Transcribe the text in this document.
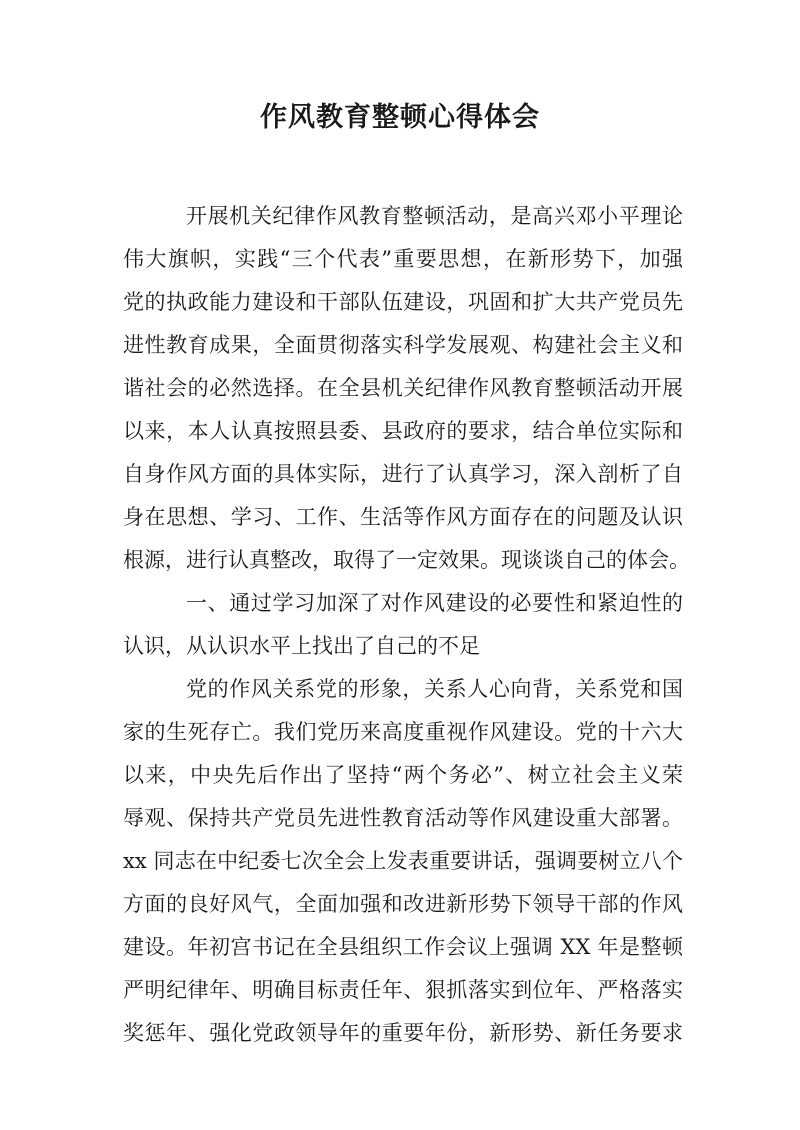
作风教育整顿心得体会
开展机关纪律作风教育整顿活动，是高兴邓小平理论
伟大旗帜，实践“三个代表”重要思想，在新形势下，加强
党的执政能力建设和干部队伍建设，巩固和扩大共产党员先
进性教育成果，全面贯彻落实科学发展观、构建社会主义和
谐社会的必然选择。在全县机关纪律作风教育整顿活动开展
以来，本人认真按照县委、县政府的要求，结合单位实际和
自身作风方面的具体实际，进行了认真学习，深入剖析了自
身在思想、学习、工作、生活等作风方面存在的问题及认识
根源，进行认真整改，取得了一定效果。现谈谈自己的体会。
一、通过学习加深了对作风建设的必要性和紧迫性的
认识，从认识水平上找出了自己的不足
党的作风关系党的形象，关系人心向背，关系党和国
家的生死存亡。我们党历来高度重视作风建设。党的十六大
以来，中央先后作出了坚持“两个务必”、树立社会主义荣
辱观、保持共产党员先进性教育活动等作风建设重大部署。
xx 同志在中纪委七次全会上发表重要讲话，强调要树立八个
方面的良好风气，全面加强和改进新形势下领导干部的作风
建设。年初宫书记在全县组织工作会议上强调 XX 年是整顿
严明纪律年、明确目标责任年、狠抓落实到位年、严格落实
奖惩年、强化党政领导年的重要年份，新形势、新任务要求
